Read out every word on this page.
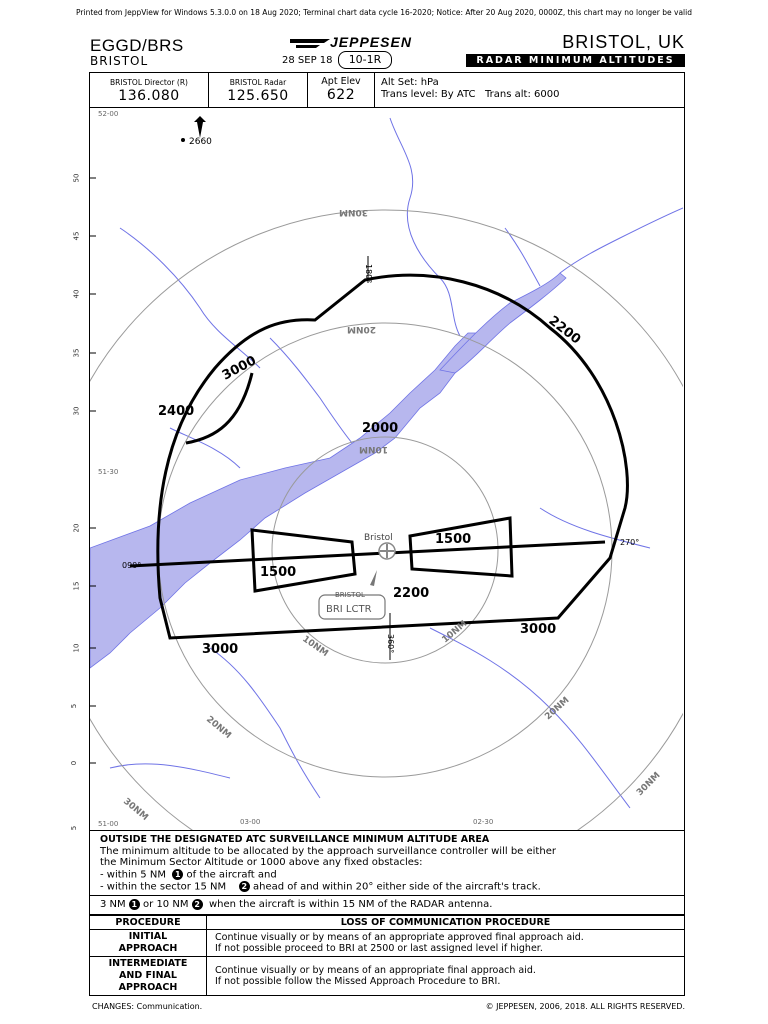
Printed from JeppView for Windows 5.3.0.0 on 18 Aug 2020; Terminal chart data cycle 16-2020; Notice: After 20 Aug 2020, 0000Z, this chart may no longer be valid
EGGD/BRS
BRISTOL
JEPPESEN
28 SEP 18	10-1R
BRISTOL, UK
RADAR MINIMUM ALTITUDES
BRISTOL Director (R)
136.080
BRISTOL Radar
125.650
Apt Elev
622
Alt Set: hPa
Trans level: By ATC Trans alt: 6000
2200
3000
2400
2000
1500
1500
2200
3000
3000
10NM
20NM
30NM
10NM
10NM
20NM
20NM
30NM
30NM
090°
270°
180°
360°
Bristol
BRISTOL
BRI LCTR
2660
52-00
51-30
51-00	03-00	02-30
50
45
40
35
30
20
15
10
5
0
5
OUTSIDE THE DESIGNATED ATC SURVEILLANCE MINIMUM ALTITUDE AREA
The minimum altitude to be allocated by the approach surveillance controller will be either
the Minimum Sector Altitude or 1000 above any fixed obstacles:
- within 5 NM 1 of the aircraft and
- within the sector 15 NM 2 ahead of and within 20° either side of the aircraft's track.
3 NM 1 or 10 NM 2 when the aircraft is within 15 NM of the RADAR antenna.
PROCEDURE	LOSS OF COMMUNICATION PROCEDURE
INITIAL APPROACH	Continue visually or by means of an appropriate approved final approach aid.
If not possible proceed to BRI at 2500 or last assigned level if higher.

INTERMEDIATE AND FINAL APPROACH	Continue visually or by means of an appropriate final approach aid.
If not possible follow the Missed Approach Procedure to BRI.
CHANGES: Communication.	© JEPPESEN, 2006, 2018. ALL RIGHTS RESERVED.
